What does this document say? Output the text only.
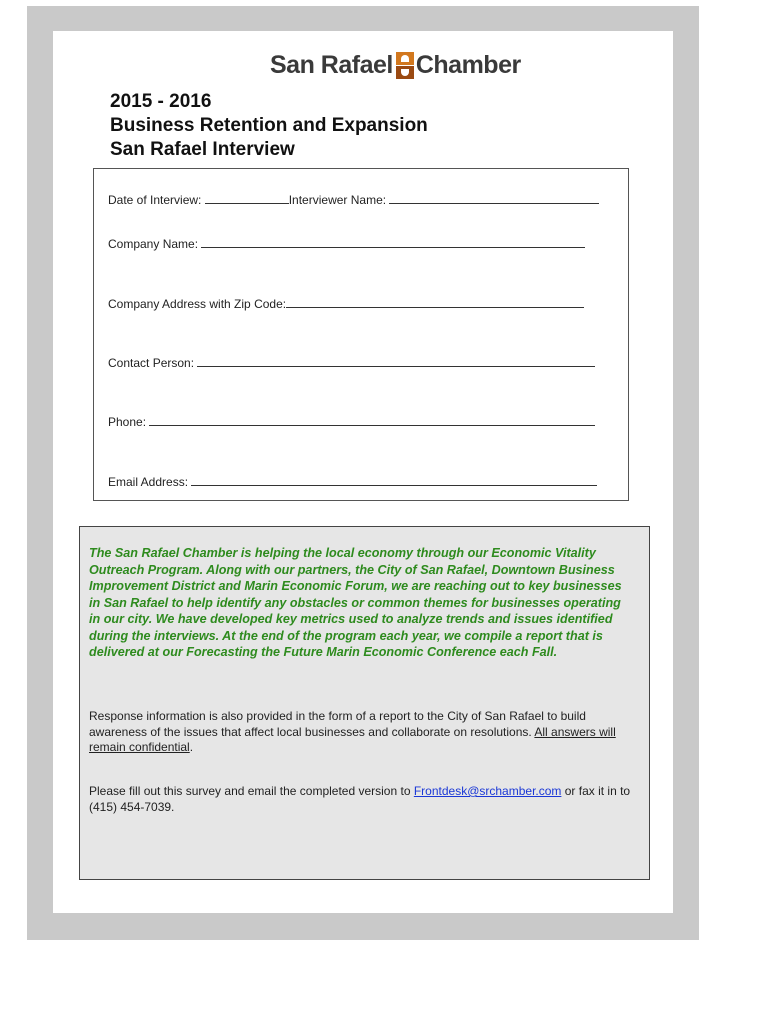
San Rafael Chamber
2015 - 2016
Business Retention and Expansion
San Rafael Interview
Date of Interview:	Interviewer Name:
Company Name:
Company Address with Zip Code:
Contact Person:
Phone:
Email Address:
The San Rafael Chamber is helping the local economy through our Economic Vitality Outreach Program. Along with our partners, the City of San Rafael, Downtown Business Improvement District and Marin Economic Forum, we are reaching out to key businesses in San Rafael to help identify any obstacles or common themes for businesses operating in our city. We have developed key metrics used to analyze trends and issues identified during the interviews. At the end of the program each year, we compile a report that is delivered at our Forecasting the Future Marin Economic Conference each Fall.
Response information is also provided in the form of a report to the City of San Rafael to build awareness of the issues that affect local businesses and collaborate on resolutions. All answers will remain confidential.
Please fill out this survey and email the completed version to Frontdesk@srchamber.com or fax it in to (415) 454-7039.
